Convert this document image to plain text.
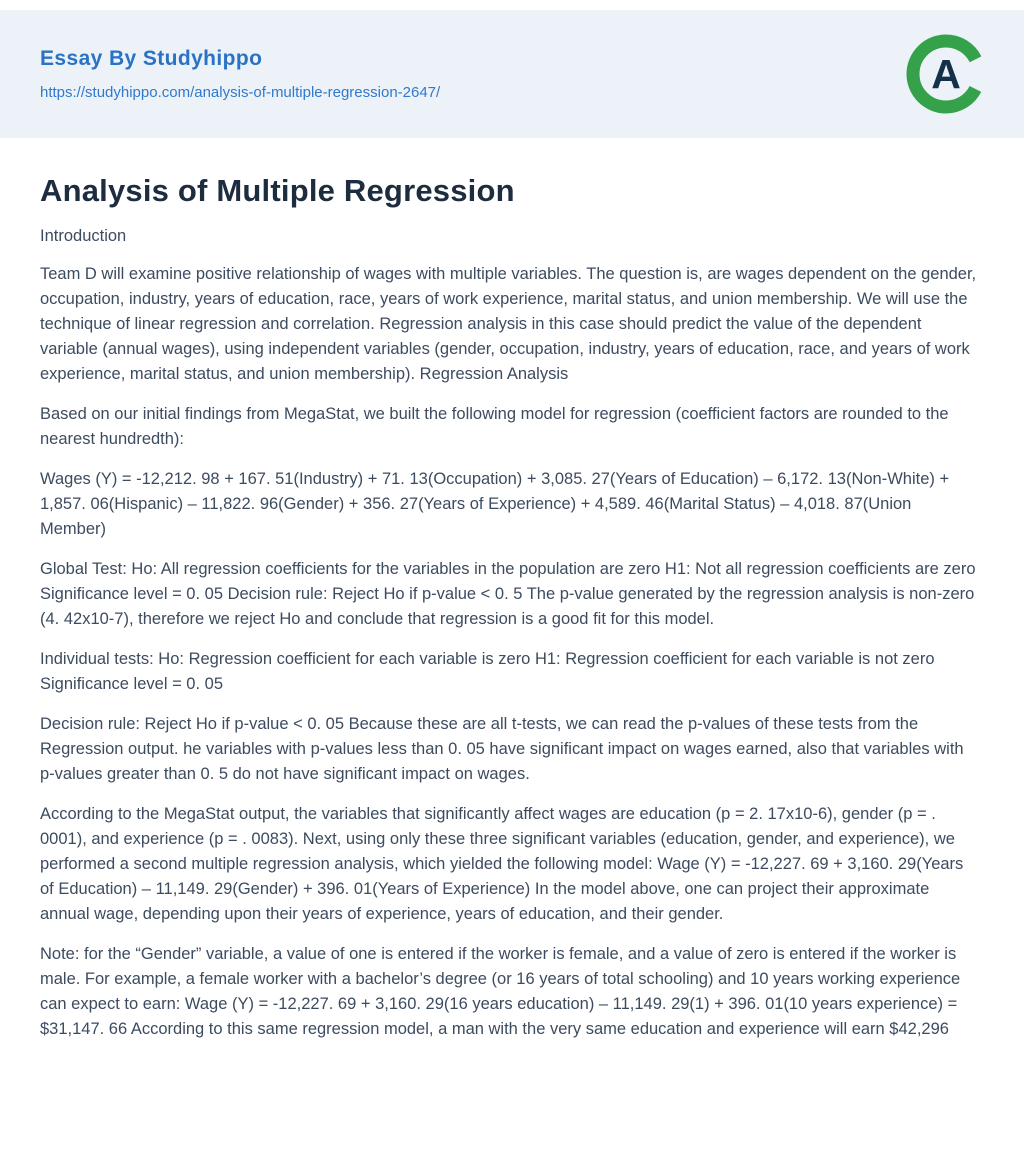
Essay By Studyhippo
https://studyhippo.com/analysis-of-multiple-regression-2647/	A
Analysis of Multiple Regression

Introduction

Team D will examine positive relationship of wages with multiple variables. The question is, are wages dependent on the gender, occupation, industry, years of education, race, years of work experience, marital status, and union membership. We will use the technique of linear regression and correlation. Regression analysis in this case should predict the value of the dependent variable (annual wages), using independent variables (gender, occupation, industry, years of education, race, and years of work experience, marital status, and union membership). Regression Analysis

Based on our initial findings from MegaStat, we built the following model for regression (coefficient factors are rounded to the nearest hundredth):

Wages (Y) = -12,212. 98 + 167. 51(Industry) + 71. 13(Occupation) + 3,085. 27(Years of Education) – 6,172. 13(Non-White) + 1,857. 06(Hispanic) – 11,822. 96(Gender) + 356. 27(Years of Experience) + 4,589. 46(Marital Status) – 4,018. 87(Union Member)

Global Test: Ho: All regression coefficients for the variables in the population are zero H1: Not all regression coefficients are zero Significance level = 0. 05 Decision rule: Reject Ho if p-value < 0. 5 The p-value generated by the regression analysis is non-zero (4. 42x10-7), therefore we reject Ho and conclude that regression is a good fit for this model.

Individual tests: Ho: Regression coefficient for each variable is zero H1: Regression coefficient for each variable is not zero Significance level = 0. 05

Decision rule: Reject Ho if p-value < 0. 05 Because these are all t-tests, we can read the p-values of these tests from the Regression output. he variables with p-values less than 0. 05 have significant impact on wages earned, also that variables with p-values greater than 0. 5 do not have significant impact on wages.

According to the MegaStat output, the variables that significantly affect wages are education (p = 2. 17x10-6), gender (p = . 0001), and experience (p = . 0083). Next, using only these three significant variables (education, gender, and experience), we performed a second multiple regression analysis, which yielded the following model: Wage (Y) = -12,227. 69 + 3,160. 29(Years of Education) – 11,149. 29(Gender) + 396. 01(Years of Experience) In the model above, one can project their approximate annual wage, depending upon their years of experience, years of education, and their gender.

Note: for the “Gender” variable, a value of one is entered if the worker is female, and a value of zero is entered if the worker is male. For example, a female worker with a bachelor’s degree (or 16 years of total schooling) and 10 years working experience can expect to earn: Wage (Y) = -12,227. 69 + 3,160. 29(16 years education) – 11,149. 29(1) + 396. 01(10 years experience) = $31,147. 66 According to this same regression model, a man with the very same education and experience will earn $42,296
